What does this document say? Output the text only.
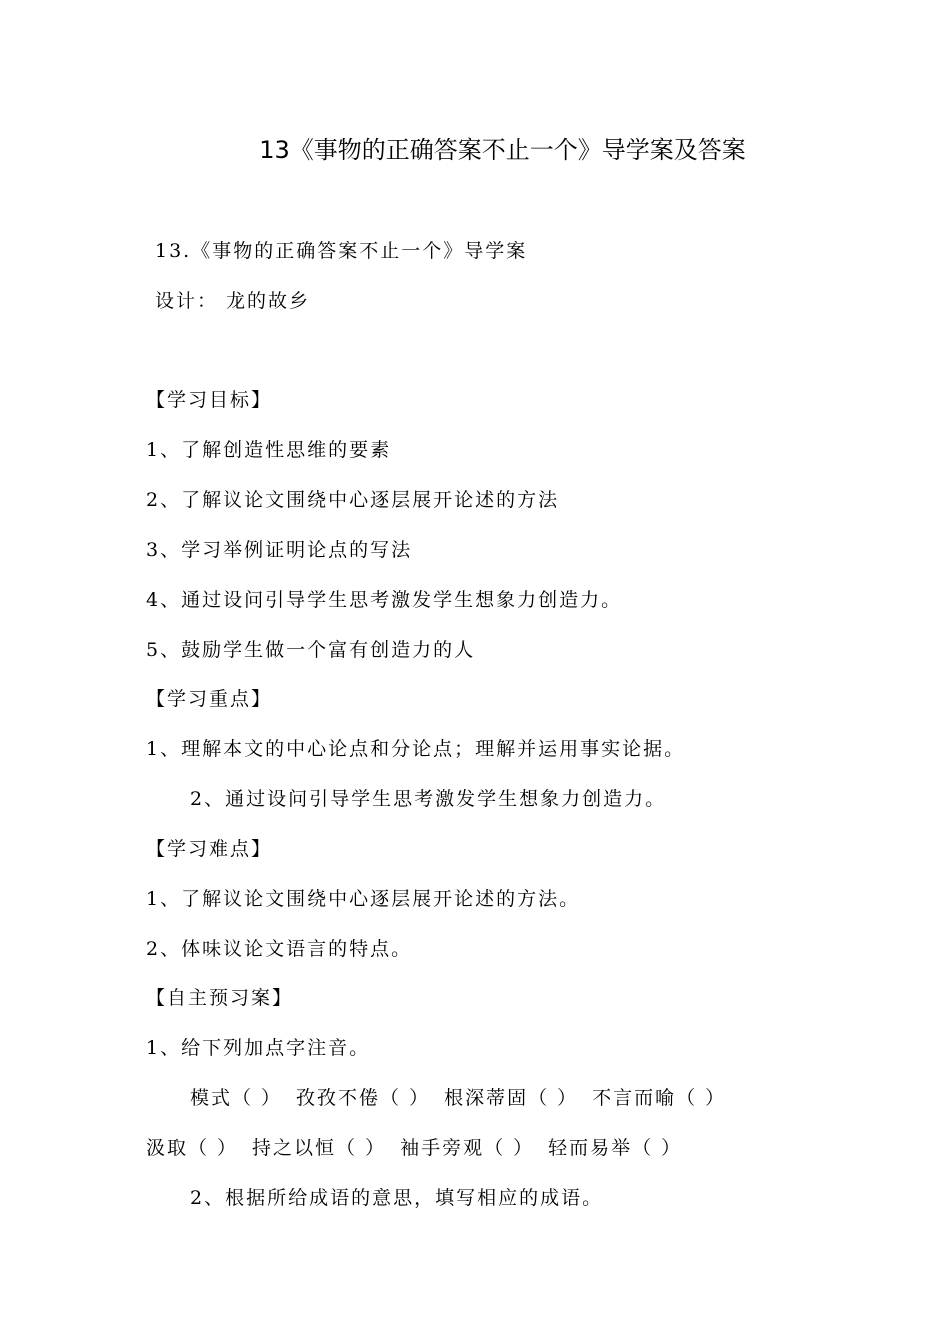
13《事物的正确答案不止一个》导学案及答案
13.《事物的正确答案不止一个》导学案
设计： 龙的故乡
【学习目标】
1、了解创造性思维的要素
2、了解议论文围绕中心逐层展开论述的方法
3、学习举例证明论点的写法
4、通过设问引导学生思考激发学生想象力创造力。
5、鼓励学生做一个富有创造力的人
【学习重点】
1、理解本文的中心论点和分论点；理解并运用事实论据。
2、通过设问引导学生思考激发学生想象力创造力。
【学习难点】
1、了解议论文围绕中心逐层展开论述的方法。
2、体味议论文语言的特点。
【自主预习案】
1、给下列加点字注音。
模式（ ） 孜孜不倦（ ） 根深蒂固（ ） 不言而喻（ ）
汲取（ ） 持之以恒（ ） 袖手旁观（ ） 轻而易举（ ）
2、根据所给成语的意思，填写相应的成语。
